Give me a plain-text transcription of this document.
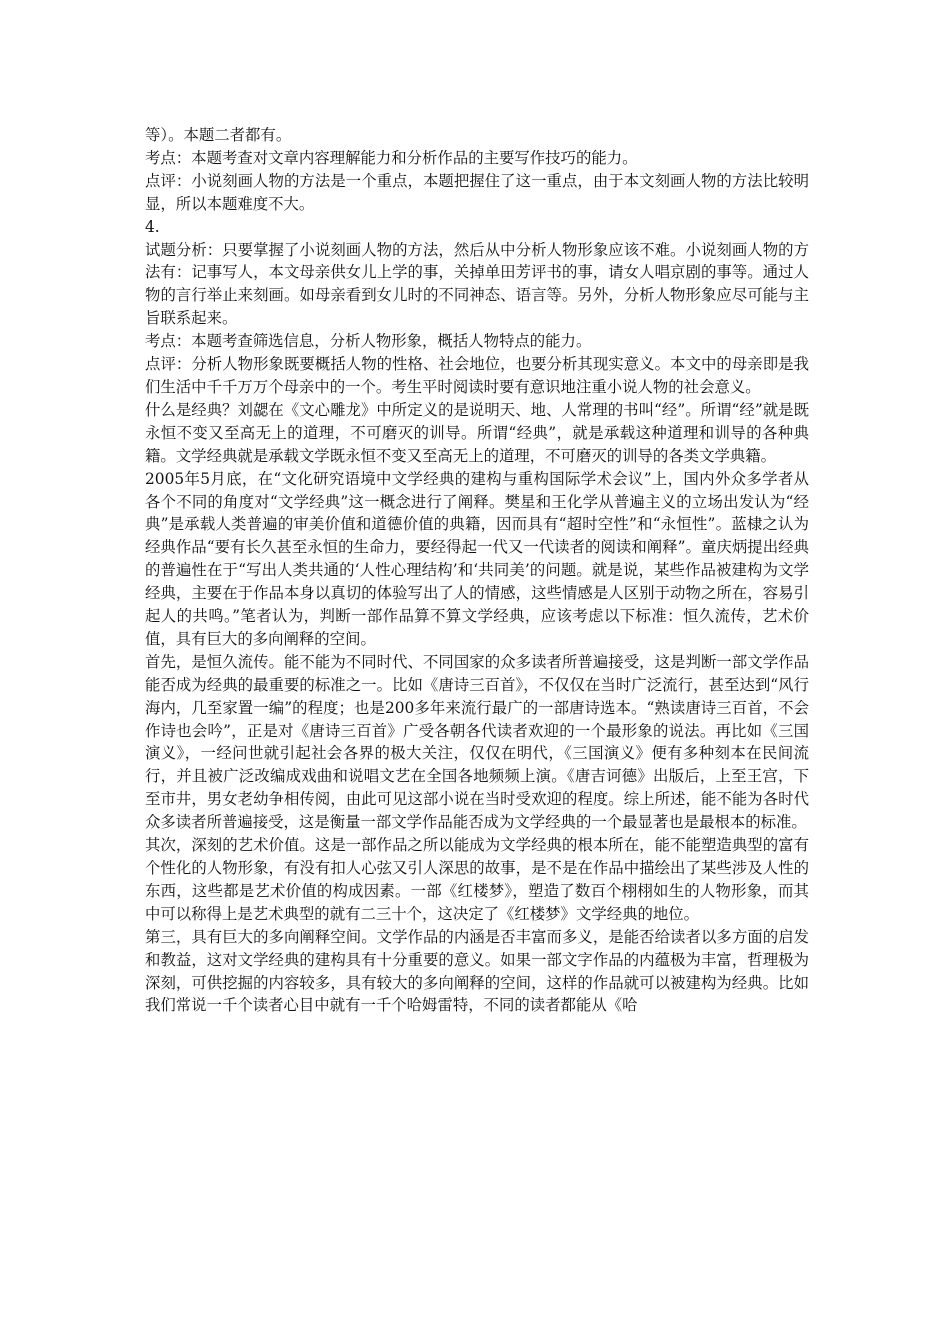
等）。本题二者都有。

考点：本题考查对文章内容理解能力和分析作品的主要写作技巧的能力。

点评：小说刻画人物的方法是一个重点，本题把握住了这一重点，由于本文刻画人物的方法比较明显，所以本题难度不大。

4.

试题分析：只要掌握了小说刻画人物的方法，然后从中分析人物形象应该不难。小说刻画人物的方法有：记事写人，本文母亲供女儿上学的事，关掉单田芳评书的事，请女人唱京剧的事等。通过人物的言行举止来刻画。如母亲看到女儿时的不同神态、语言等。另外，分析人物形象应尽可能与主旨联系起来。

考点：本题考查筛选信息，分析人物形象，概括人物特点的能力。

点评：分析人物形象既要概括人物的性格、社会地位，也要分析其现实意义。本文中的母亲即是我们生活中千千万万个母亲中的一个。考生平时阅读时要有意识地注重小说人物的社会意义。

什么是经典？刘勰在《文心雕龙》中所定义的是说明天、地、人常理的书叫“经”。所谓“经”就是既永恒不变又至高无上的道理，不可磨灭的训导。所谓“经典”，就是承载这种道理和训导的各种典籍。文学经典就是承载文学既永恒不变又至高无上的道理，不可磨灭的训导的各类文学典籍。

2005年5月底，在“文化研究语境中文学经典的建构与重构国际学术会议”上，国内外众多学者从各个不同的角度对“文学经典”这一概念进行了阐释。樊星和王化学从普遍主义的立场出发认为“经典”是承载人类普遍的审美价值和道德价值的典籍，因而具有“超时空性”和“永恒性”。蓝棣之认为经典作品“要有长久甚至永恒的生命力，要经得起一代又一代读者的阅读和阐释”。童庆炳提出经典的普遍性在于“写出人类共通的‘人性心理结构’和‘共同美’的问题。就是说，某些作品被建构为文学经典，主要在于作品本身以真切的体验写出了人的情感，这些情感是人区别于动物之所在，容易引起人的共鸣。”笔者认为，判断一部作品算不算文学经典，应该考虑以下标准：恒久流传，艺术价值，具有巨大的多向阐释的空间。

首先，是恒久流传。能不能为不同时代、不同国家的众多读者所普遍接受，这是判断一部文学作品能否成为经典的最重要的标准之一。比如《唐诗三百首》，不仅仅在当时广泛流行，甚至达到“风行海内，几至家置一编”的程度；也是200多年来流行最广的一部唐诗选本。“熟读唐诗三百首，不会作诗也会吟”，正是对《唐诗三百首》广受各朝各代读者欢迎的一个最形象的说法。再比如《三国演义》，一经问世就引起社会各界的极大关注，仅仅在明代，《三国演义》便有多种刻本在民间流行，并且被广泛改编成戏曲和说唱文艺在全国各地频频上演。《唐吉诃德》出版后，上至王宫，下至市井，男女老幼争相传阅，由此可见这部小说在当时受欢迎的程度。综上所述，能不能为各时代众多读者所普遍接受，这是衡量一部文学作品能否成为文学经典的一个最显著也是最根本的标准。

其次，深刻的艺术价值。这是一部作品之所以能成为文学经典的根本所在，能不能塑造典型的富有个性化的人物形象，有没有扣人心弦又引人深思的故事，是不是在作品中描绘出了某些涉及人性的东西，这些都是艺术价值的构成因素。一部《红楼梦》，塑造了数百个栩栩如生的人物形象，而其中可以称得上是艺术典型的就有二三十个，这决定了《红楼梦》文学经典的地位。

第三，具有巨大的多向阐释空间。文学作品的内涵是否丰富而多义，是能否给读者以多方面的启发和教益，这对文学经典的建构具有十分重要的意义。如果一部文字作品的内蕴极为丰富，哲理极为深刻，可供挖掘的内容较多，具有较大的多向阐释的空间，这样的作品就可以被建构为经典。比如我们常说一千个读者心目中就有一千个哈姆雷特，不同的读者都能从《哈
